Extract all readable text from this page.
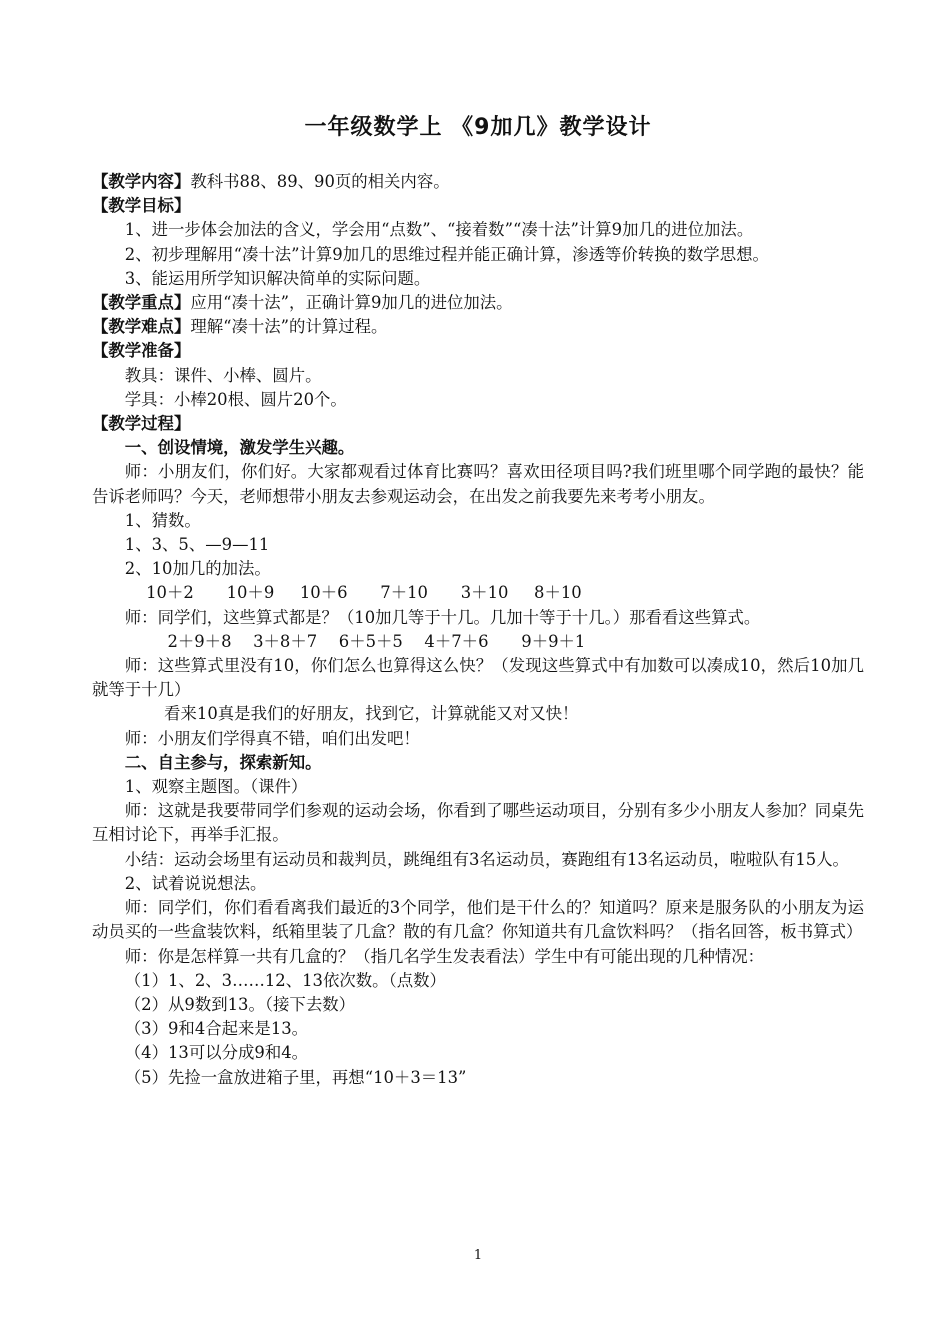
一年级数学上 《9加几》教学设计

【教学内容】教科书88、89、90页的相关内容。

【教学目标】

1、进一步体会加法的含义，学会用“点数”、“接着数”“凑十法”计算9加几的进位加法。

2、初步理解用“凑十法”计算9加几的思维过程并能正确计算，渗透等价转换的数学思想。

3、能运用所学知识解决简单的实际问题。

【教学重点】应用“凑十法”，正确计算9加几的进位加法。

【教学难点】理解“凑十法”的计算过程。

【教学准备】

教具：课件、小棒、圆片。

学具：小棒20根、圆片20个。

【教学过程】

一、创设情境，激发学生兴趣。

师：小朋友们，你们好。大家都观看过体育比赛吗？喜欢田径项目吗?我们班里哪个同学跑的最快？能告诉老师吗？今天，老师想带小朋友去参观运动会，在出发之前我要先来考考小朋友。

1、猜数。

1、3、5、—9—11

2、10加几的加法。

10＋2　　10＋9　 10＋6　　7＋10　　3＋10　 8＋10

师：同学们，这些算式都是？（10加几等于十几。几加十等于十几。）那看看这些算式。

2＋9＋8　 3＋8＋7　 6＋5＋5　 4＋7＋6　　9＋9＋1

师：这些算式里没有10，你们怎么也算得这么快？（发现这些算式中有加数可以凑成10，然后10加几就等于十几）

看来10真是我们的好朋友，找到它，计算就能又对又快！

师：小朋友们学得真不错，咱们出发吧！

二、自主参与，探索新知。

1、观察主题图。（课件）

师：这就是我要带同学们参观的运动会场，你看到了哪些运动项目，分别有多少小朋友人参加？同桌先互相讨论下，再举手汇报。

小结：运动会场里有运动员和裁判员，跳绳组有3名运动员，赛跑组有13名运动员，啦啦队有15人。

2、试着说说想法。

师：同学们，你们看看离我们最近的3个同学，他们是干什么的？知道吗？原来是服务队的小朋友为运动员买的一些盒装饮料，纸箱里装了几盒？散的有几盒？你知道共有几盒饮料吗？（指名回答，板书算式）

师：你是怎样算一共有几盒的？（指几名学生发表看法）学生中有可能出现的几种情况：

（1）1、2、3……12、13依次数。（点数）

（2）从9数到13。（接下去数）

（3）9和4合起来是13。

（4）13可以分成9和4。

（5）先捡一盒放进箱子里，再想“10＋3＝13”

1
